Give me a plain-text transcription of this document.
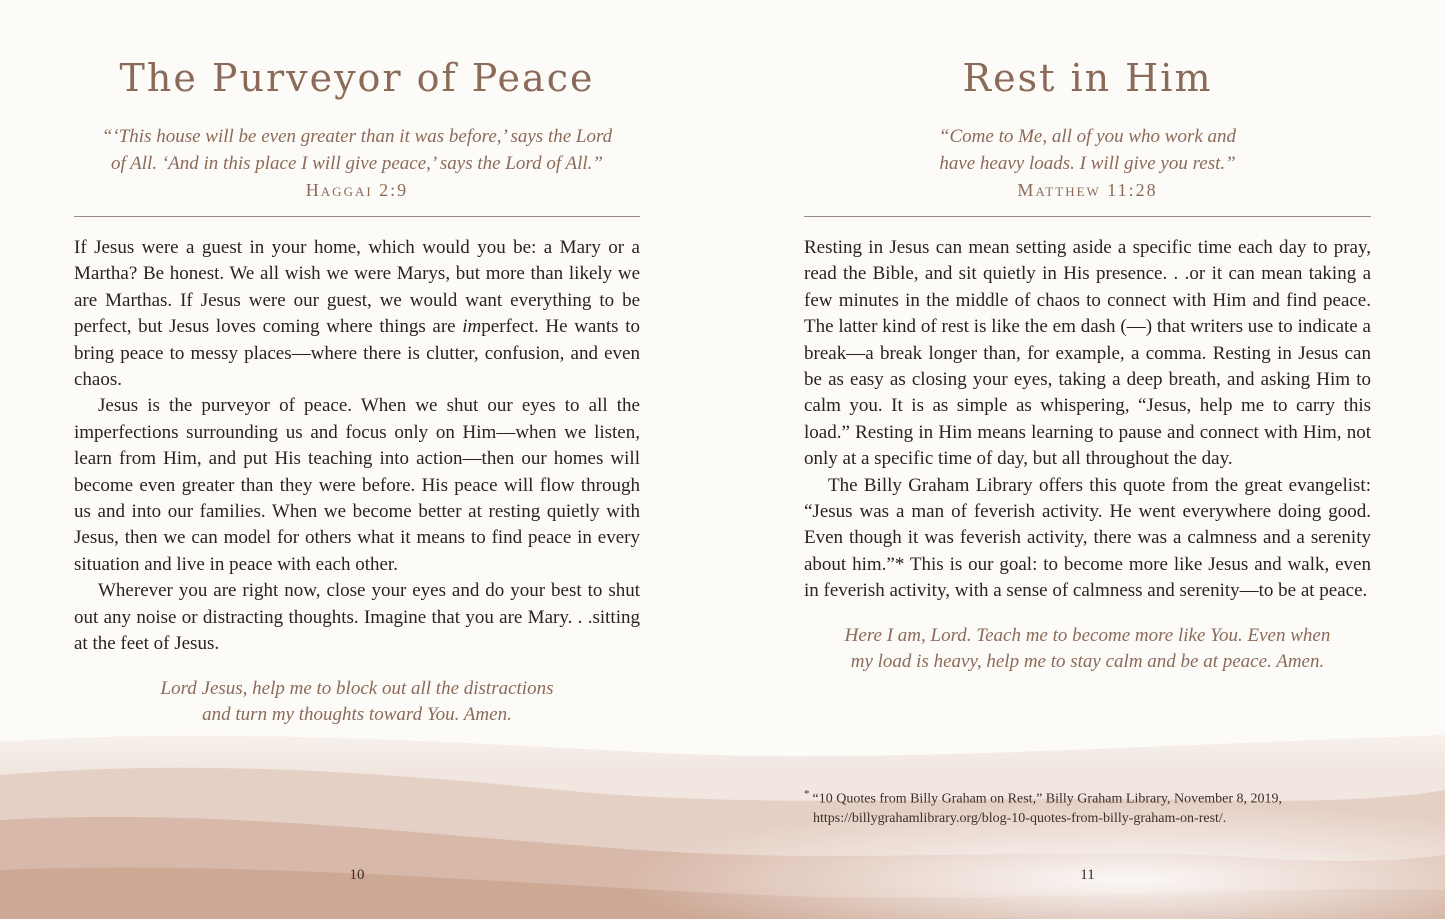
The Purveyor of Peace
“‘This house will be even greater than it was before,’ says the Lord
of All. ‘And in this place I will give peace,’ says the Lord of All.”
Haggai 2:9

If Jesus were a guest in your home, which would you be: a Mary or a Martha? Be honest. We all wish we were Marys, but more than likely we are Marthas. If Jesus were our guest, we would want everything to be perfect, but Jesus loves coming where things are imperfect. He wants to bring peace to messy places—where there is clutter, confusion, and even chaos.

Jesus is the purveyor of peace. When we shut our eyes to all the imperfections surrounding us and focus only on Him—when we listen, learn from Him, and put His teaching into action—then our homes will become even greater than they were before. His peace will flow through us and into our families. When we become better at resting quietly with Jesus, then we can model for others what it means to find peace in every situation and live in peace with each other.

Wherever you are right now, close your eyes and do your best to shut out any noise or distracting thoughts. Imagine that you are Mary. . .sitting at the feet of Jesus.

Lord Jesus, help me to block out all the distractions
and turn my thoughts toward You. Amen.
10
Rest in Him
“Come to Me, all of you who work and
have heavy loads. I will give you rest.”
Matthew 11:28

Resting in Jesus can mean setting aside a specific time each day to pray, read the Bible, and sit quietly in His presence. . .or it can mean taking a few minutes in the middle of chaos to connect with Him and find peace. The latter kind of rest is like the em dash (—) that writers use to indicate a break—a break longer than, for example, a comma. Resting in Jesus can be as easy as closing your eyes, taking a deep breath, and asking Him to calm you. It is as simple as whispering, “Jesus, help me to carry this load.” Resting in Him means learning to pause and connect with Him, not only at a specific time of day, but all throughout the day.

The Billy Graham Library offers this quote from the great evangelist: “Jesus was a man of feverish activity. He went everywhere doing good. Even though it was feverish activity, there was a calmness and a serenity about him.”* This is our goal: to become more like Jesus and walk, even in feverish activity, with a sense of calmness and serenity—to be at peace.

Here I am, Lord. Teach me to become more like You. Even when
my load is heavy, help me to stay calm and be at peace. Amen.
* “10 Quotes from Billy Graham on Rest,” Billy Graham Library, November 8, 2019,
https://billygrahamlibrary.org/blog-10-quotes-from-billy-graham-on-rest/.
11
